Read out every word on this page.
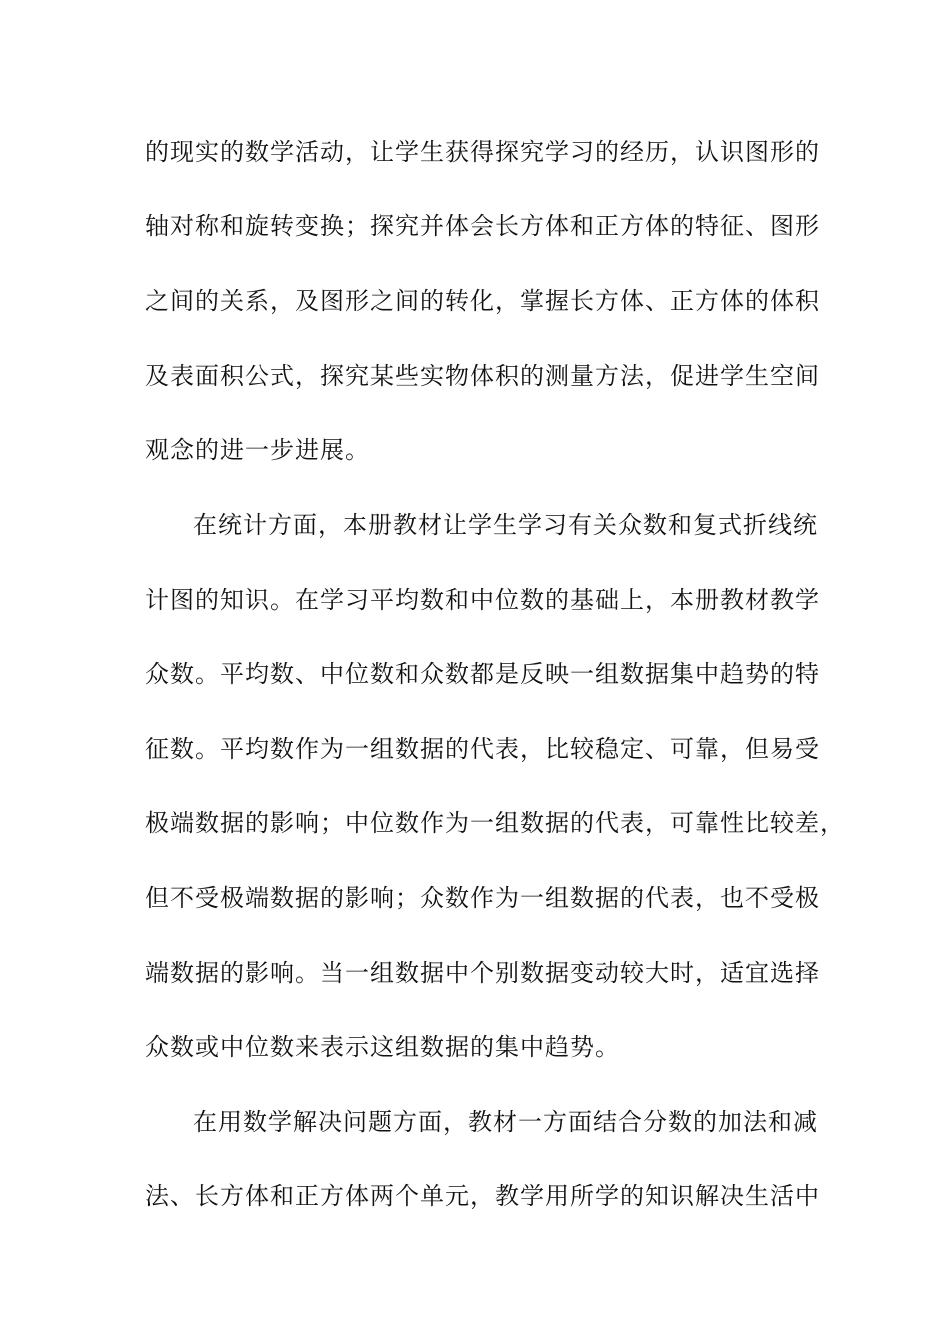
的现实的数学活动，让学生获得探究学习的经历，认识图形的
轴对称和旋转变换；探究并体会长方体和正方体的特征、图形
之间的关系，及图形之间的转化，掌握长方体、正方体的体积
及表面积公式，探究某些实物体积的测量方法，促进学生空间
观念的进一步进展。
在统计方面，本册教材让学生学习有关众数和复式折线统
计图的知识。在学习平均数和中位数的基础上，本册教材教学
众数。平均数、中位数和众数都是反映一组数据集中趋势的特
征数。平均数作为一组数据的代表，比较稳定、可靠，但易受
极端数据的影响；中位数作为一组数据的代表，可靠性比较差，
但不受极端数据的影响；众数作为一组数据的代表，也不受极
端数据的影响。当一组数据中个别数据变动较大时，适宜选择
众数或中位数来表示这组数据的集中趋势。
在用数学解决问题方面，教材一方面结合分数的加法和减
法、长方体和正方体两个单元，教学用所学的知识解决生活中
